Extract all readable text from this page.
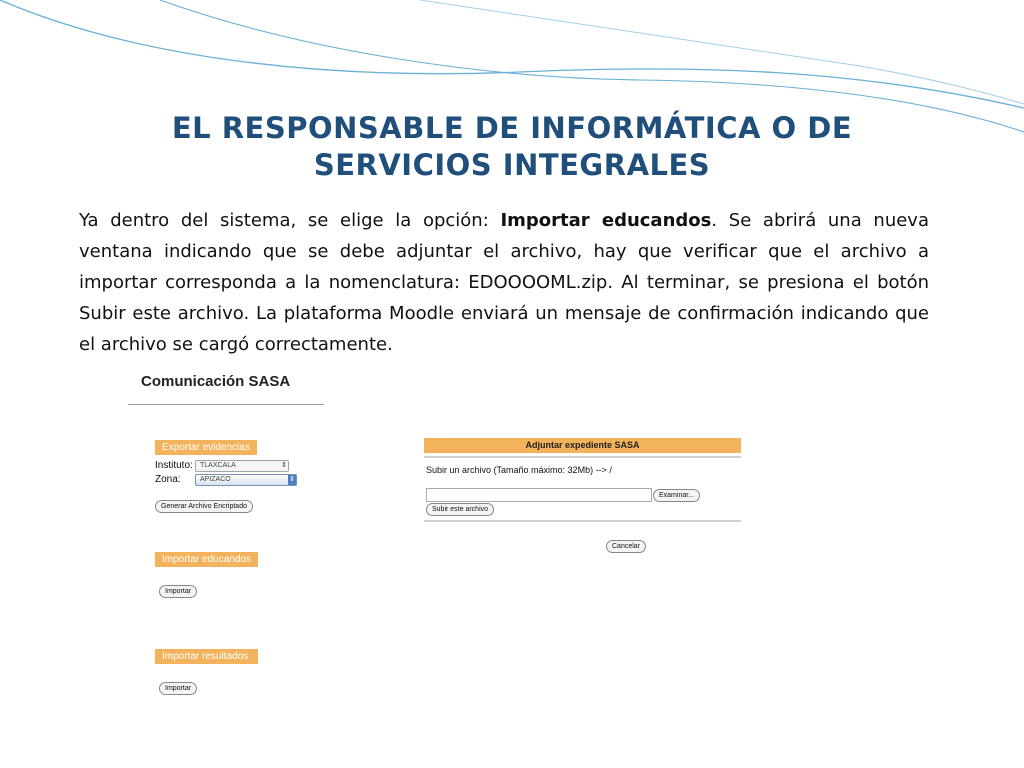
EL RESPONSABLE DE INFORMÁTICA O DE
SERVICIOS INTEGRALES

Ya dentro del sistema, se elige la opción: Importar educandos. Se abrirá una nueva ventana indicando que se debe adjuntar el archivo, hay que verificar que el archivo a importar corresponda a la nomenclatura: EDOOOOML.zip. Al terminar, se presiona el botón Subir este archivo. La plataforma Moodle enviará un mensaje de confirmación indicando que el archivo se cargó correctamente.

Comunicación SASA
Exportar evidencias
Instituto:	TLAXCALA	⇕
Zona:	APIZACO	⇕
Generar Archivo Encriptado
Importar educandos
Importar
Importar resultados
Importar
Adjuntar expediente SASA
Subir un archivo (Tamaño máximo: 32Mb) --> /
Examinar...
Subir este archivo
Cancelar
